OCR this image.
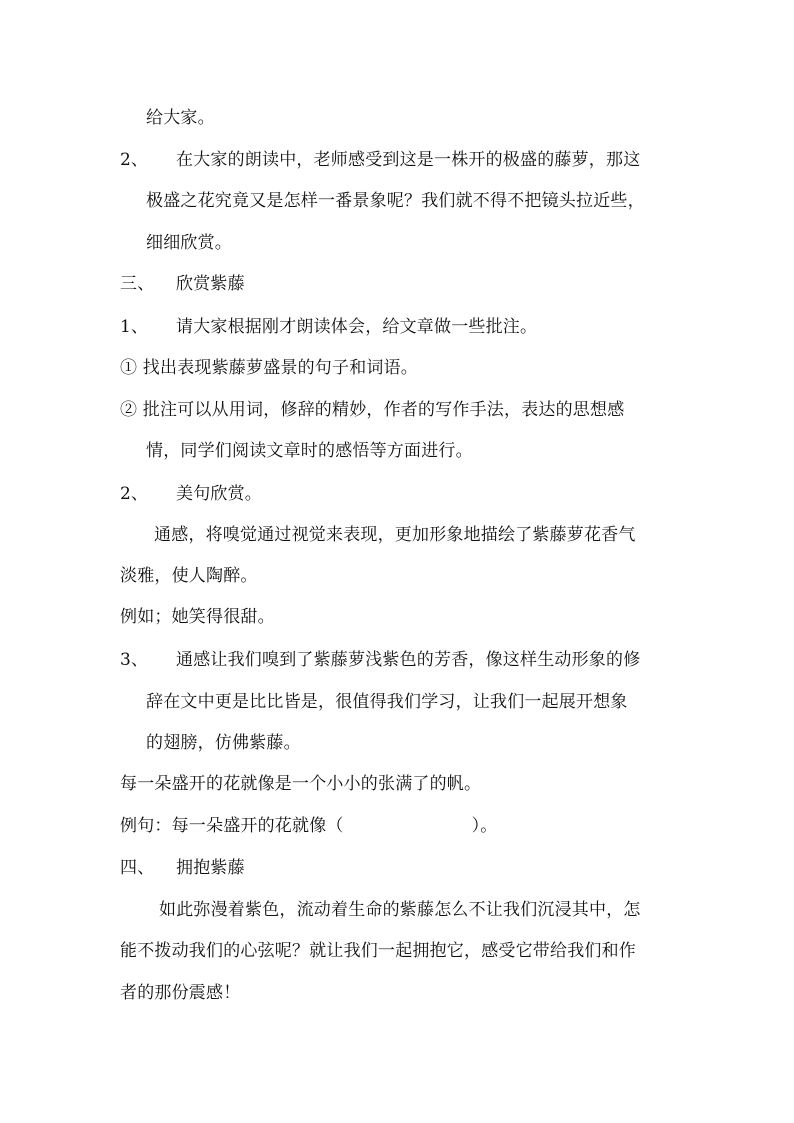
给大家。
2、 在大家的朗读中，老师感受到这是一株开的极盛的藤萝，那这
极盛之花究竟又是怎样一番景象呢？我们就不得不把镜头拉近些，
细细欣赏。
三、 欣赏紫藤
1、 请大家根据刚才朗读体会，给文章做一些批注。
① 找出表现紫藤萝盛景的句子和词语。
② 批注可以从用词，修辞的精妙，作者的写作手法，表达的思想感
情，同学们阅读文章时的感悟等方面进行。
2、 美句欣赏。
通感，将嗅觉通过视觉来表现，更加形象地描绘了紫藤萝花香气
淡雅，使人陶醉。
例如；她笑得很甜。
3、 通感让我们嗅到了紫藤萝浅紫色的芳香，像这样生动形象的修
辞在文中更是比比皆是，很值得我们学习，让我们一起展开想象
的翅膀，仿佛紫藤。
每一朵盛开的花就像是一个小小的张满了的帆。
例句：每一朵盛开的花就像（	）。
四、 拥抱紫藤
如此弥漫着紫色，流动着生命的紫藤怎么不让我们沉浸其中，怎
能不拨动我们的心弦呢？就让我们一起拥抱它，感受它带给我们和作
者的那份震感！
